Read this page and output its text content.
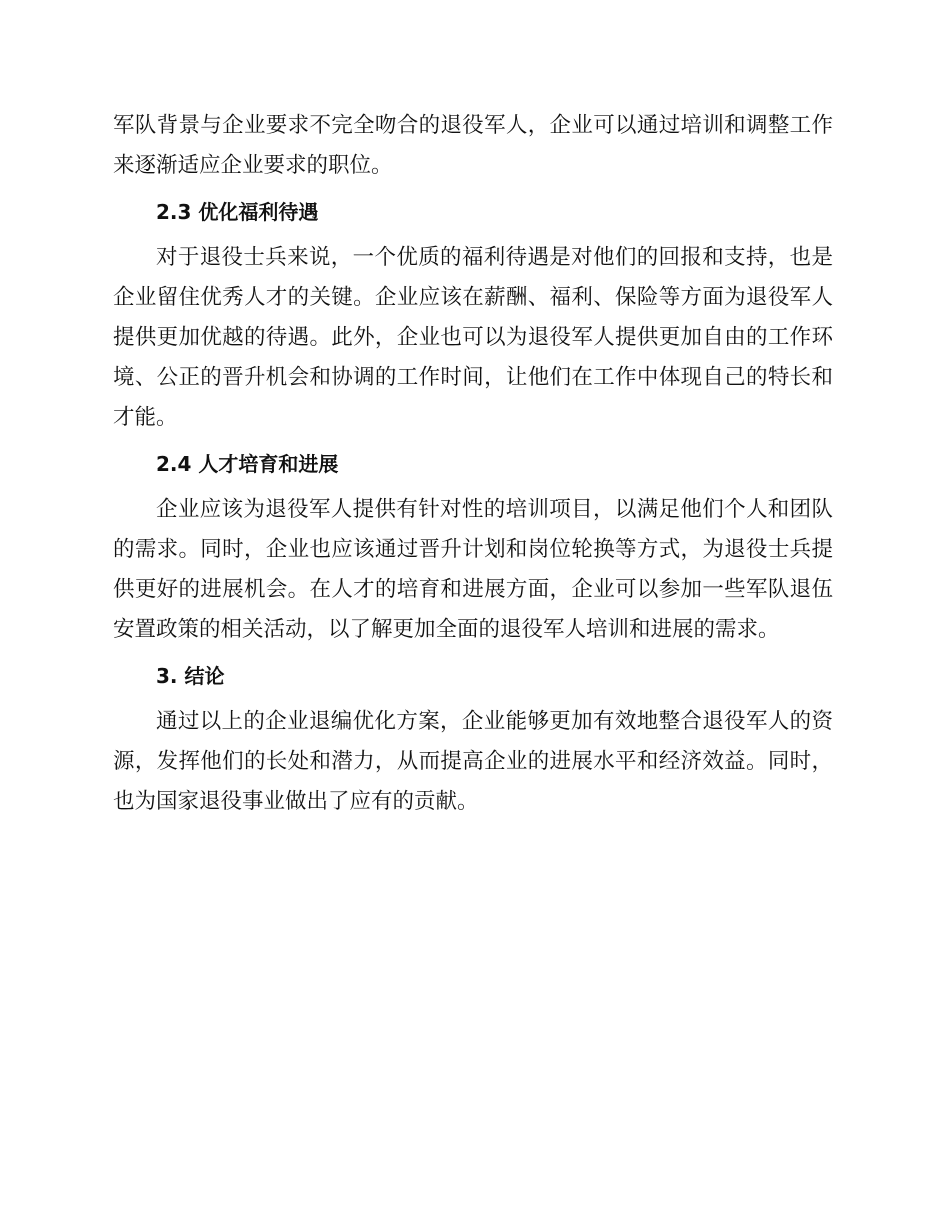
军队背景与企业要求不完全吻合的退役军人，企业可以通过培训和调整工作来逐渐适应企业要求的职位。

2.3 优化福利待遇

对于退役士兵来说，一个优质的福利待遇是对他们的回报和支持，也是企业留住优秀人才的关键。企业应该在薪酬、福利、保险等方面为退役军人提供更加优越的待遇。此外，企业也可以为退役军人提供更加自由的工作环境、公正的晋升机会和协调的工作时间，让他们在工作中体现自己的特长和才能。

2.4 人才培育和进展

企业应该为退役军人提供有针对性的培训项目，以满足他们个人和团队的需求。同时，企业也应该通过晋升计划和岗位轮换等方式，为退役士兵提供更好的进展机会。在人才的培育和进展方面，企业可以参加一些军队退伍安置政策的相关活动，以了解更加全面的退役军人培训和进展的需求。

3. 结论

通过以上的企业退编优化方案，企业能够更加有效地整合退役军人的资源，发挥他们的长处和潜力，从而提高企业的进展水平和经济效益。同时，也为国家退役事业做出了应有的贡献。
